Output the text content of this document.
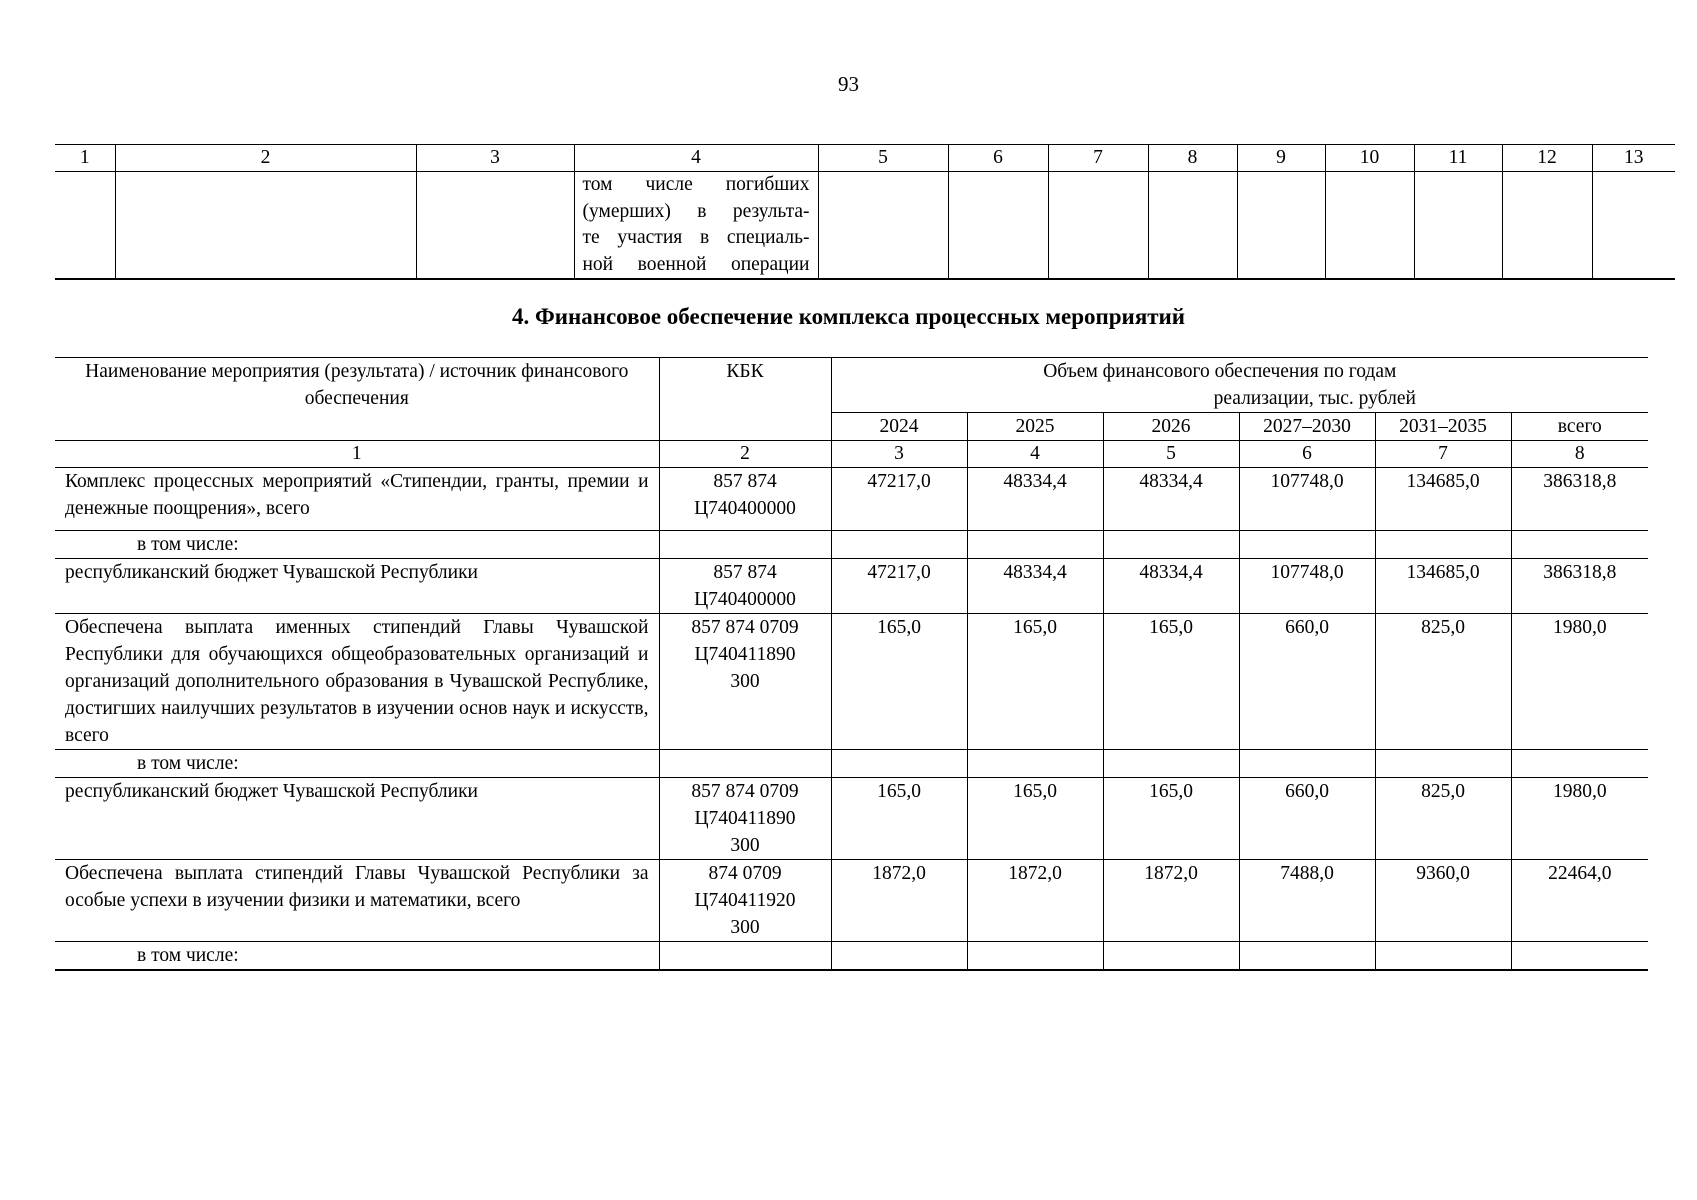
93
1	2	3	4	5	6	7	8	9	10	11	12	13

			том числе погибших
(умерших) в результа-
те участия в специаль-
ной военной операции									

4. Финансовое обеспечение комплекса процессных мероприятий
Наименование мероприятия (результата) / источник финансового обеспечения	КБК	Объем финансового обеспечения по годам
реализации, тыс. рублей					

		2024	2025	2026	2027–2030	2031–2035	всего
1	2	3	4	5	6	7	8
Комплекс процессных мероприятий «Стипендии, гранты, премии и денежные поощрения», всего	857 874 Ц740400000	47217,0	48334,4	48334,4	107748,0	134685,0	386318,8
в том числе:							
республиканский бюджет Чувашской Республики	857 874 Ц740400000	47217,0	48334,4	48334,4	107748,0	134685,0	386318,8
Обеспечена выплата именных стипендий Главы Чувашской Республики для обучающихся общеобразовательных организаций и организаций дополнительного образования в Чувашской Республике, достигших наилучших результатов в изучении основ наук и искусств, всего	857 874 0709 Ц740411890 300	165,0	165,0	165,0	660,0	825,0	1980,0
в том числе:							
республиканский бюджет Чувашской Республики	857 874 0709 Ц740411890 300	165,0	165,0	165,0	660,0	825,0	1980,0
Обеспечена выплата стипендий Главы Чувашской Республики за особые успехи в изучении физики и математики, всего	874 0709 Ц740411920 300	1872,0	1872,0	1872,0	7488,0	9360,0	22464,0
в том числе:							
